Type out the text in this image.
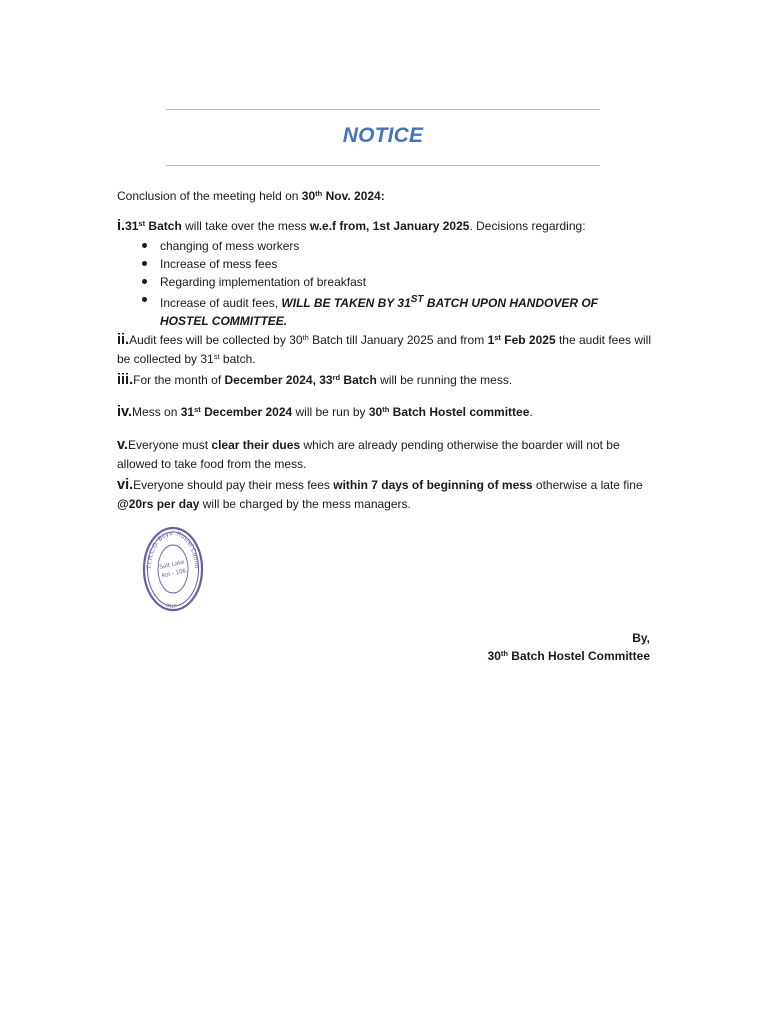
NOTICE
Conclusion of the meeting held on 30th Nov. 2024:
i.31st Batch will take over the mess w.e.f from, 1st January 2025. Decisions regarding:
changing of mess workers
Increase of mess fees
Regarding implementation of breakfast
Increase of audit fees, WILL BE TAKEN BY 31ST BATCH UPON HANDOVER OF HOSTEL COMMITTEE.
ii.Audit fees will be collected by 30th Batch till January 2025 and from 1st Feb 2025 the audit fees will be collected by 31st batch.
iii.For the month of December 2024, 33rd Batch will be running the mess.
iv.Mess on 31st December 2024 will be run by 30th Batch Hostel committee.
v.Everyone must clear their dues which are already pending otherwise the boarder will not be allowed to take food from the mess.
vi.Everyone should pay their mess fees within 7 days of beginning of mess otherwise a late fine @20rs per day will be charged by the mess managers.
T.I.H.C.O. Boys' Hostel Comm
Salt Lake
Kol - 106
2017
By,
30th Batch Hostel Committee
